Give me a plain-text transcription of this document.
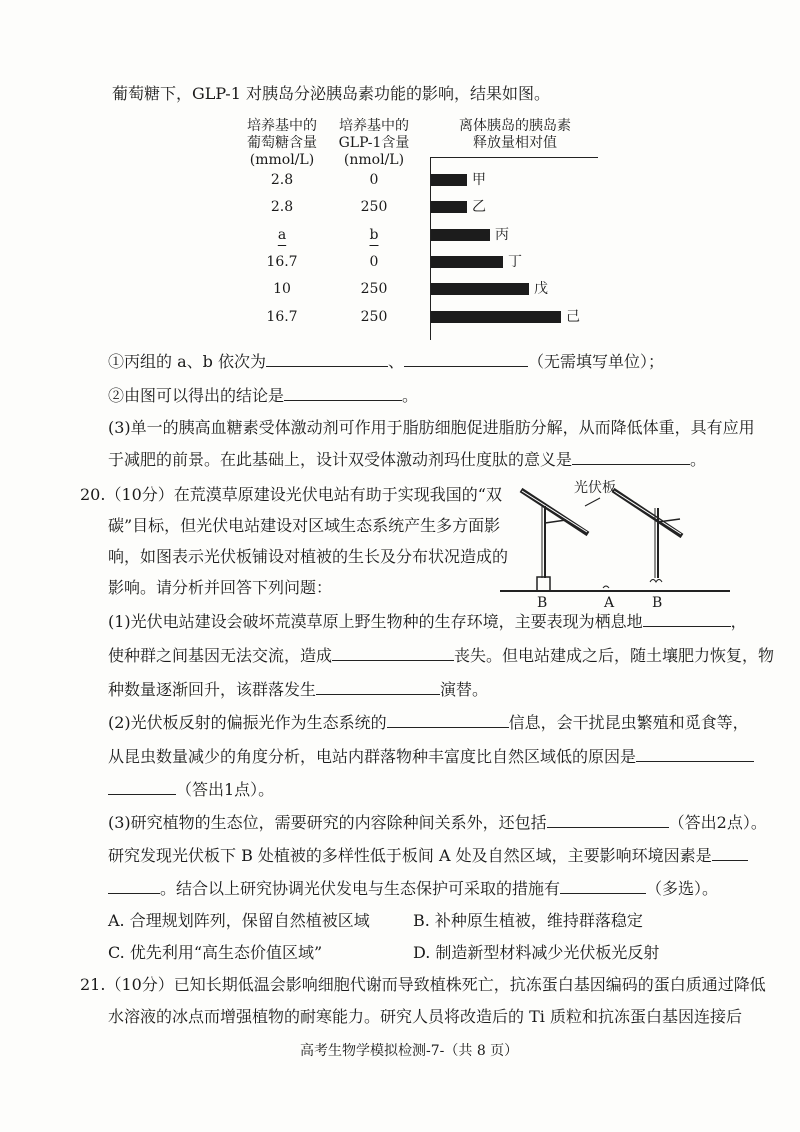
葡萄糖下，GLP-1 对胰岛分泌胰岛素功能的影响，结果如图。
培养基中的
葡萄糖含量
(mmol/L)
培养基中的
GLP-1含量
(nmol/L)
离体胰岛的胰岛素
释放量相对值
2.8	0	甲
2.8	250	乙
a	b	丙
16.7	0	丁
10	250	戊
16.7	250	己
①丙组的 a、b 依次为	、	（无需填写单位）；
②由图可以得出的结论是	。
(3)单一的胰高血糖素受体激动剂可作用于脂肪细胞促进脂肪分解，从而降低体重，具有应用
于减肥的前景。在此基础上，设计双受体激动剂玛仕度肽的意义是	。
20.（10分）在荒漠草原建设光伏电站有助于实现我国的“双
碳”目标，但光伏电站建设对区域生态系统产生多方面影
响，如图表示光伏板铺设对植被的生长及分布状况造成的
影响。请分析并回答下列问题：
光伏板
B	A	B
(1)光伏电站建设会破坏荒漠草原上野生物种的生存环境，主要表现为栖息地	，
使种群之间基因无法交流，造成	丧失。但电站建成之后，随土壤肥力恢复，物
种数量逐渐回升，该群落发生	演替。
(2)光伏板反射的偏振光作为生态系统的	信息，会干扰昆虫繁殖和觅食等，
从昆虫数量减少的角度分析，电站内群落物种丰富度比自然区域低的原因是
（答出1点）。
(3)研究植物的生态位，需要研究的内容除种间关系外，还包括	（答出2点）。
研究发现光伏板下 B 处植被的多样性低于板间 A 处及自然区域，主要影响环境因素是
。结合以上研究协调光伏发电与生态保护可采取的措施有	（多选）。
A. 合理规划阵列，保留自然植被区域	B. 补种原生植被，维持群落稳定
C. 优先利用“高生态价值区域”	D. 制造新型材料减少光伏板光反射
21.（10分）已知长期低温会影响细胞代谢而导致植株死亡，抗冻蛋白基因编码的蛋白质通过降低
水溶液的冰点而增强植物的耐寒能力。研究人员将改造后的 Ti 质粒和抗冻蛋白基因连接后
高考生物学模拟检测-7-（共 8 页）
